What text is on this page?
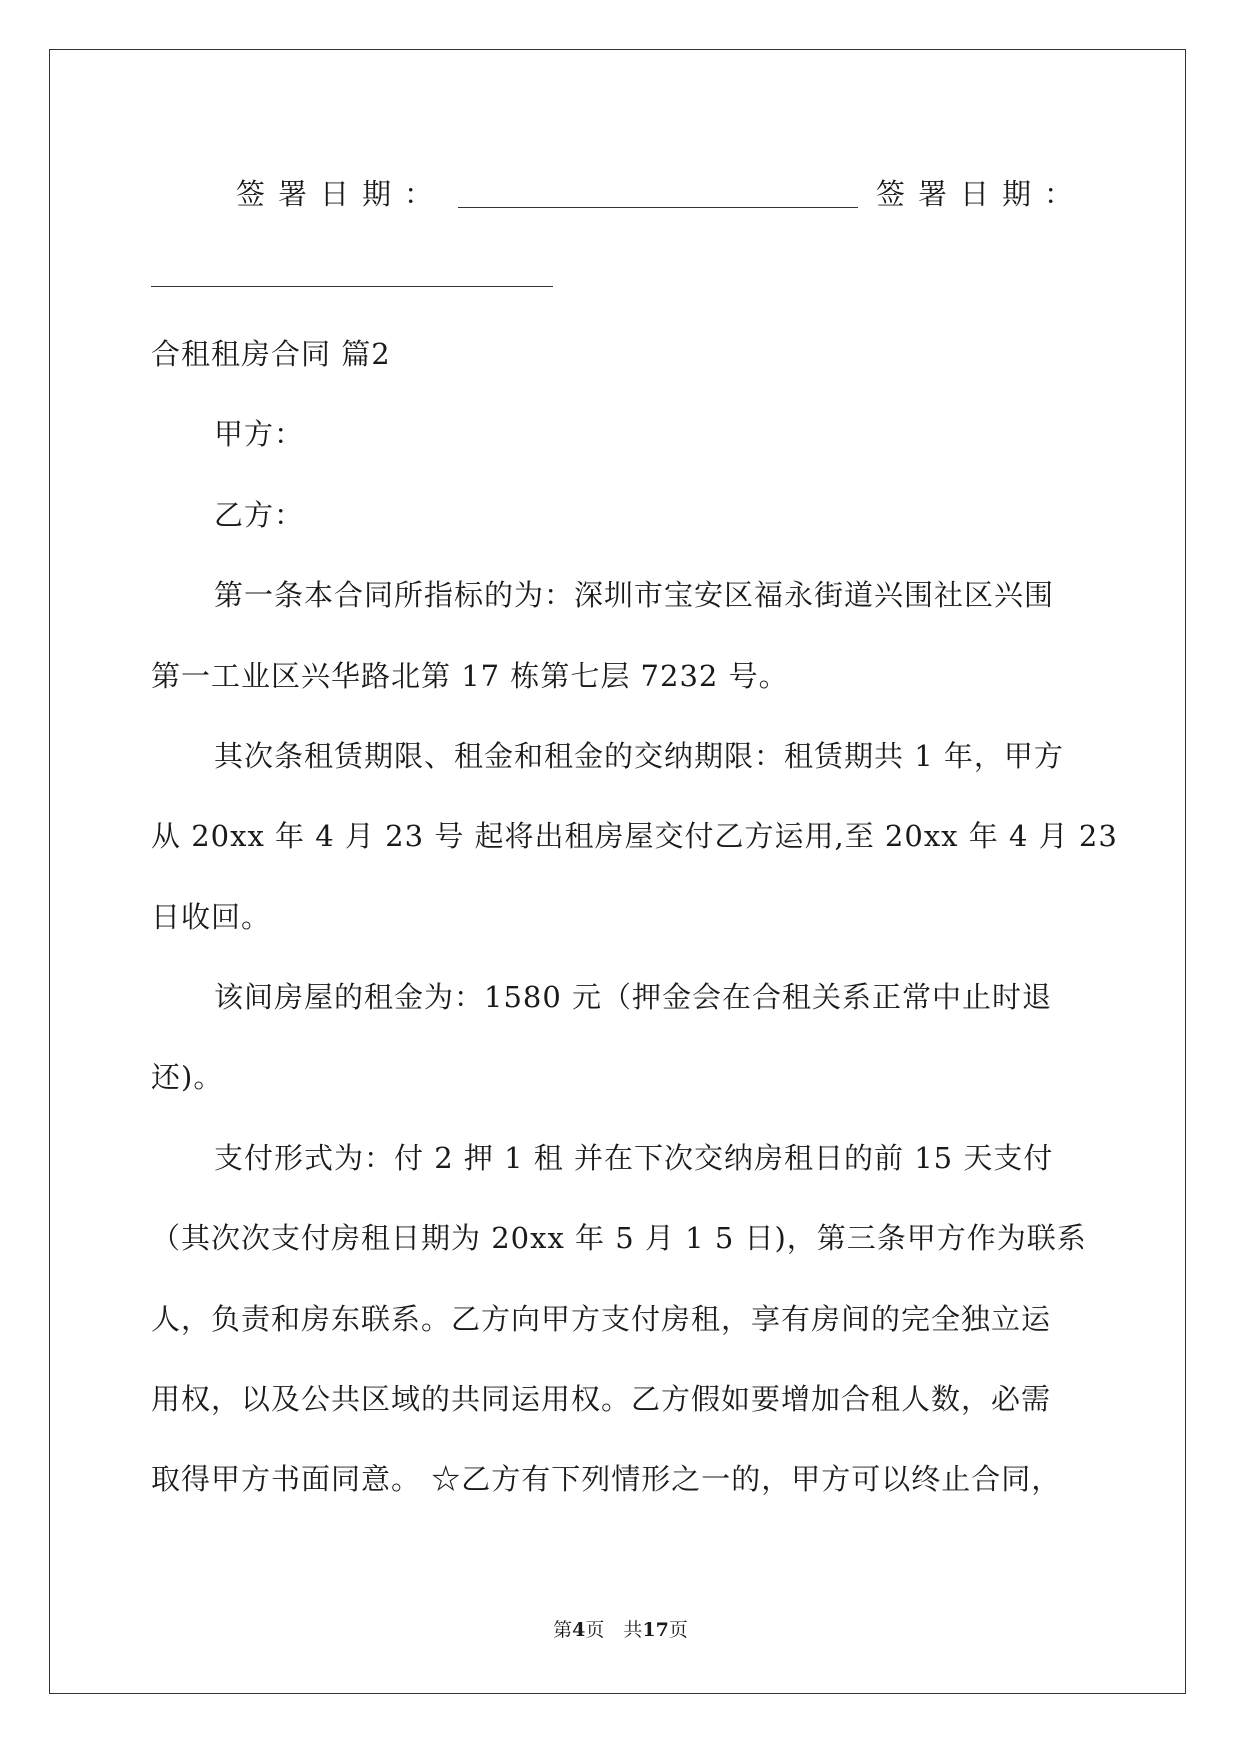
签署日期：	签署日期：
合租租房合同 篇2
甲方：
乙方：
第一条本合同所指标的为：深圳市宝安区福永街道兴围社区兴围
第一工业区兴华路北第 17 栋第七层 7232 号。
其次条租赁期限、租金和租金的交纳期限：租赁期共 1 年，甲方
从 20xx 年 4 月 23 号 起将出租房屋交付乙方运用,至 20xx 年 4 月 23
日收回。
该间房屋的租金为：1580 元（押金会在合租关系正常中止时退
还)。
支付形式为：付 2 押 1 租 并在下次交纳房租日的前 15 天支付
（其次次支付房租日期为 20xx 年 5 月 1 5 日)，第三条甲方作为联系
人，负责和房东联系。乙方向甲方支付房租，享有房间的完全独立运
用权，以及公共区域的共同运用权。乙方假如要增加合租人数，必需
取得甲方书面同意。 ☆乙方有下列情形之一的，甲方可以终止合同，
第4页　共17页
